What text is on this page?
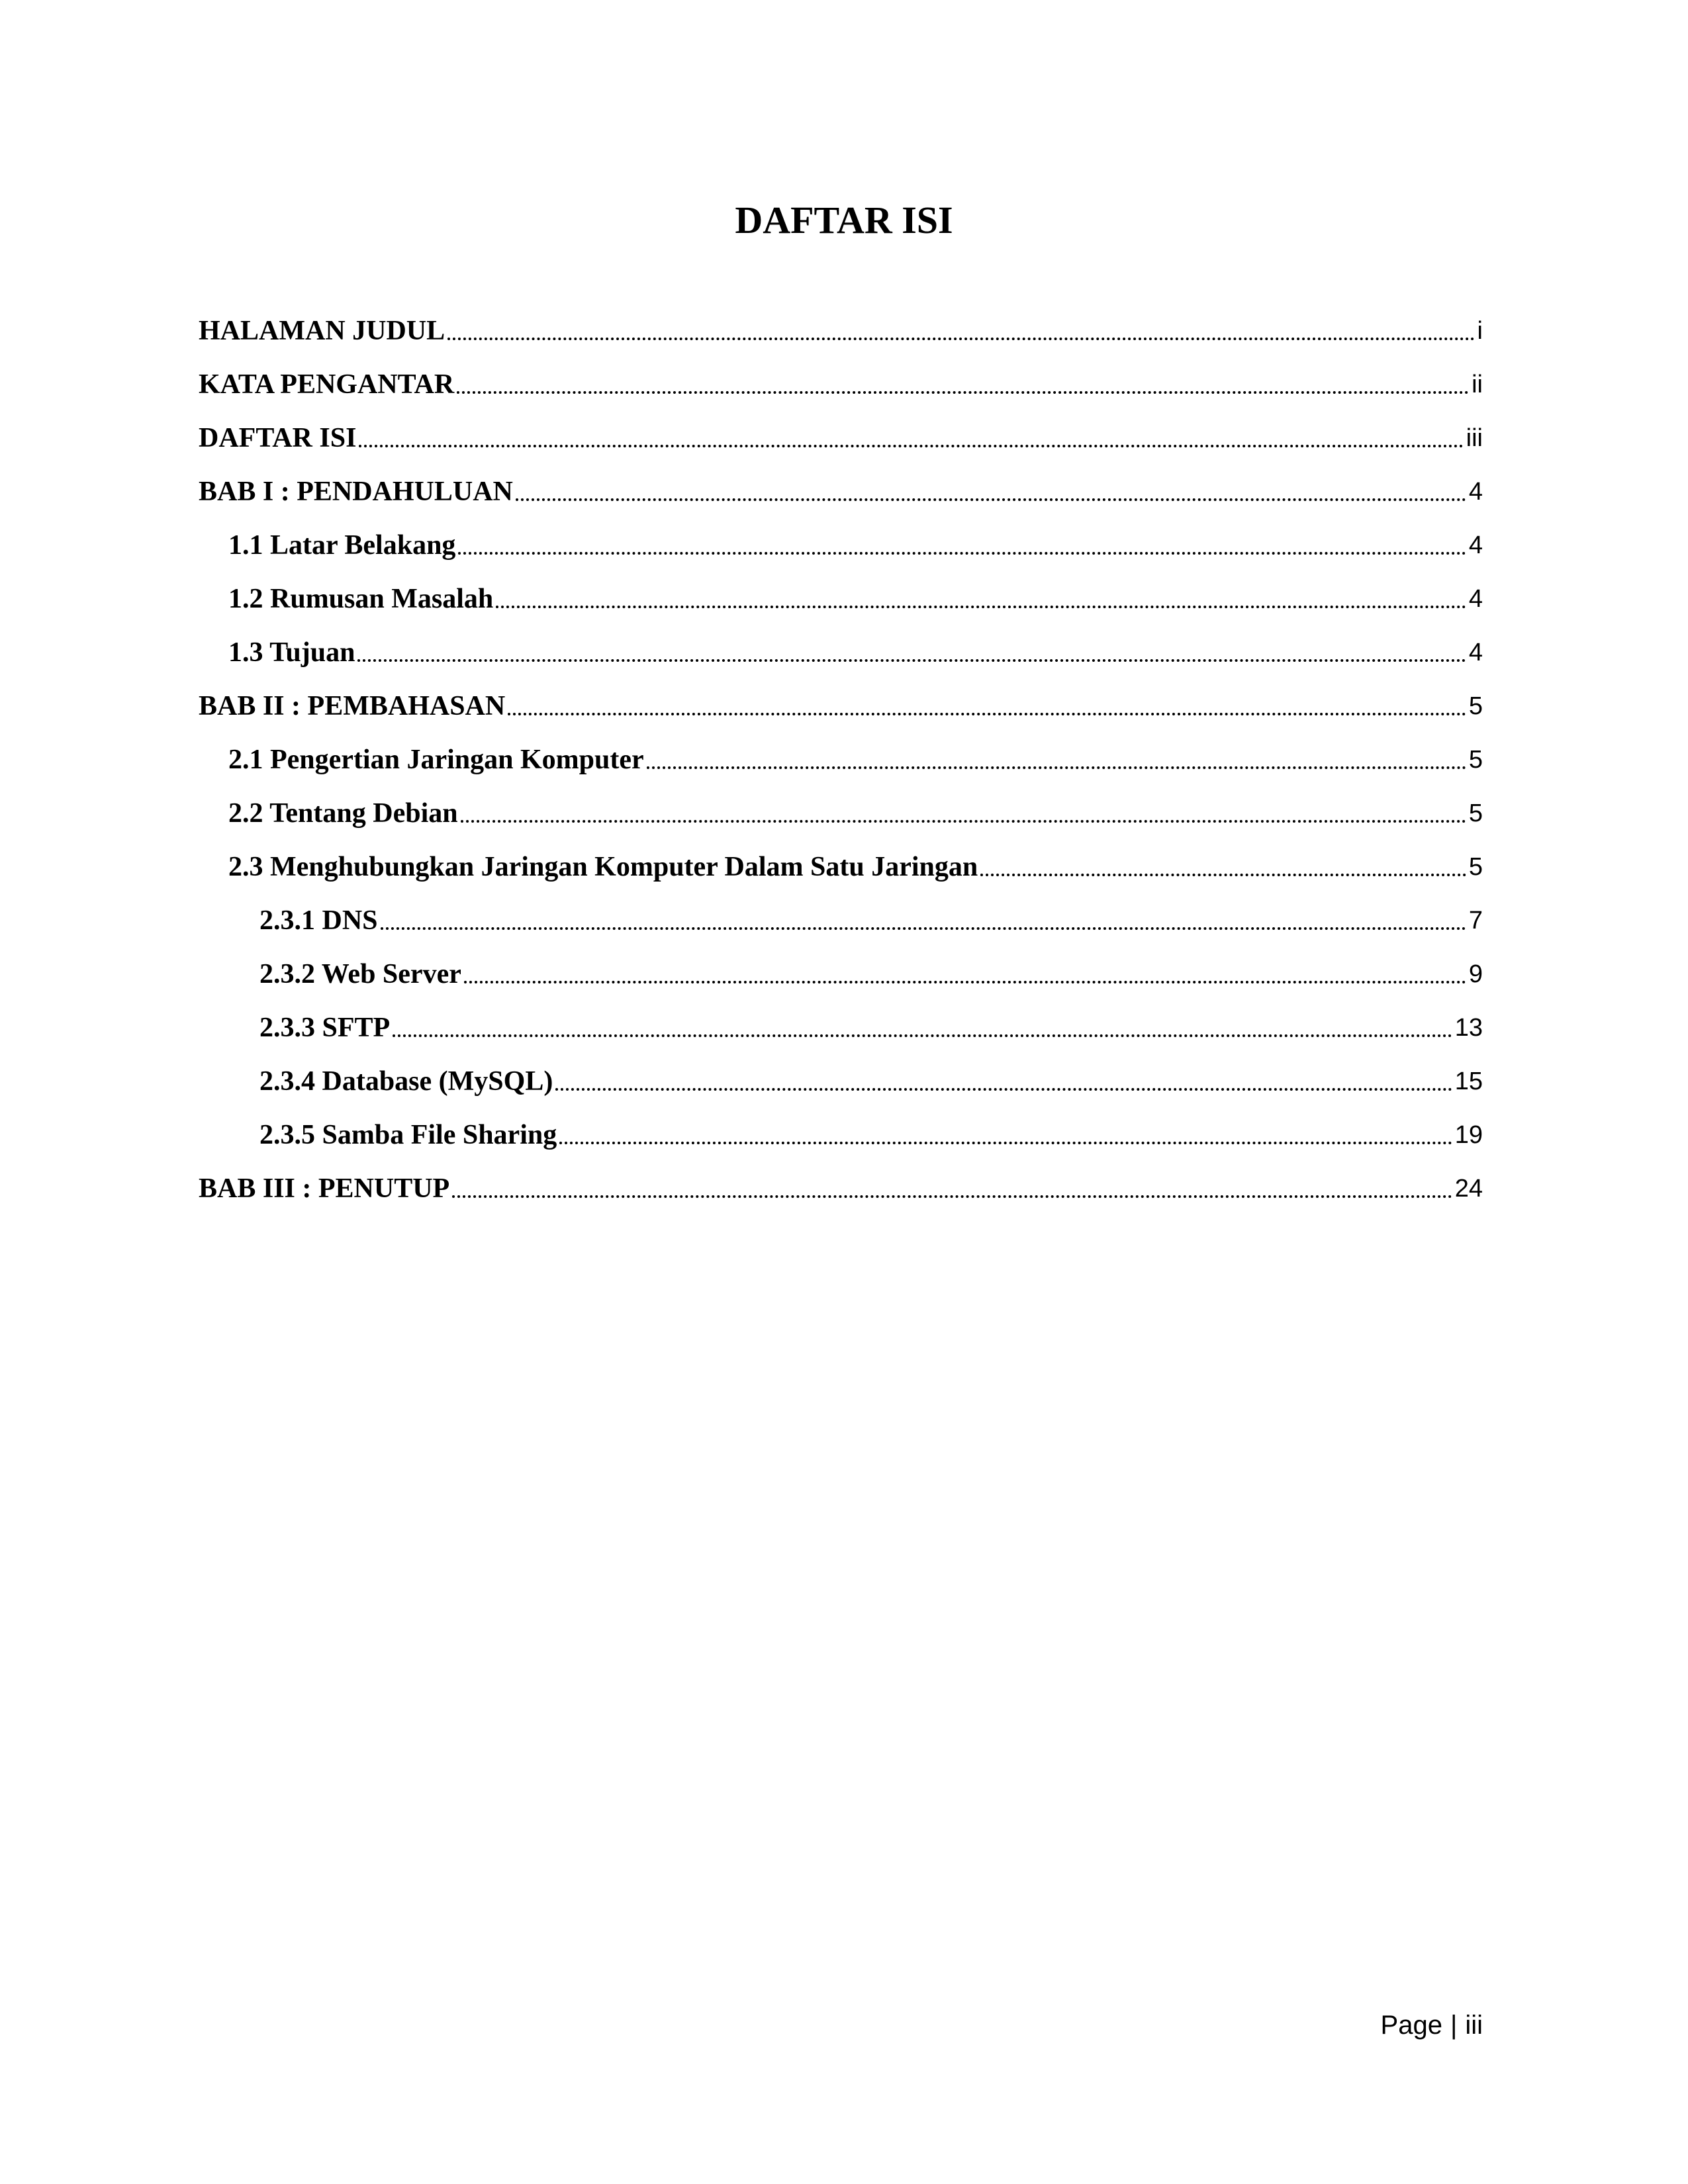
DAFTAR ISI
HALAMAN JUDUL	i
KATA PENGANTAR	ii
DAFTAR ISI	iii
BAB I : PENDAHULUAN	4
1.1 Latar Belakang	4
1.2 Rumusan Masalah	4
1.3 Tujuan	4
BAB II : PEMBAHASAN	5
2.1 Pengertian Jaringan Komputer	5
2.2 Tentang Debian	5
2.3 Menghubungkan Jaringan Komputer Dalam Satu Jaringan	5
2.3.1 DNS	7
2.3.2 Web Server	9
2.3.3 SFTP	13
2.3.4 Database (MySQL)	15
2.3.5 Samba File Sharing	19
BAB III : PENUTUP	24
Page | iii
